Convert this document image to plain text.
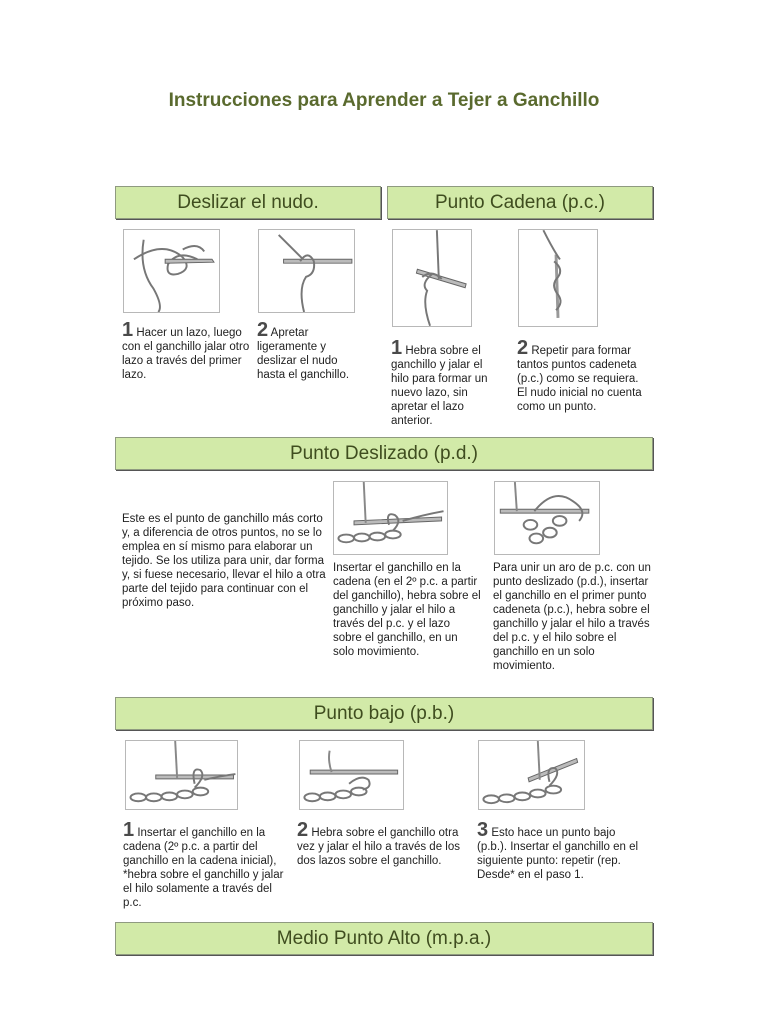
Instrucciones para Aprender a Tejer a Ganchillo
Deslizar el nudo.	Punto Cadena (p.c.)
1 Hacer un lazo, luego con el ganchillo jalar otro lazo a través del primer lazo.
2 Apretar ligeramente y deslizar el nudo hasta el ganchillo.
1 Hebra sobre el ganchillo y jalar el hilo para formar un nuevo lazo, sin apretar el lazo anterior.
2 Repetir para formar tantos puntos cadeneta (p.c.) como se requiera. El nudo inicial no cuenta como un punto.
Punto Deslizado (p.d.)
Este es el punto de ganchillo más corto y, a diferencia de otros puntos, no se lo emplea en sí mismo para elaborar un tejido. Se los utiliza para unir, dar forma y, si fuese necesario, llevar el hilo a otra parte del tejido para continuar con el próximo paso.
Insertar el ganchillo en la cadena (en el 2º p.c. a partir del ganchillo), hebra sobre el ganchillo y jalar el hilo a través del p.c. y el lazo sobre el ganchillo, en un solo movimiento.
Para unir un aro de p.c. con un punto deslizado (p.d.), insertar el ganchillo en el primer punto cadeneta (p.c.), hebra sobre el ganchillo y jalar el hilo a través del p.c. y el hilo sobre el ganchillo en un solo movimiento.
Punto bajo (p.b.)
1 Insertar el ganchillo en la cadena (2º p.c. a partir del ganchillo en la cadena inicial), *hebra sobre el ganchillo y jalar el hilo solamente a través del p.c.
2 Hebra sobre el ganchillo otra vez y jalar el hilo a través de los dos lazos sobre el ganchillo.
3 Esto hace un punto bajo (p.b.). Insertar el ganchillo en el siguiente punto: repetir (rep. Desde* en el paso 1.
Medio Punto Alto (m.p.a.)
